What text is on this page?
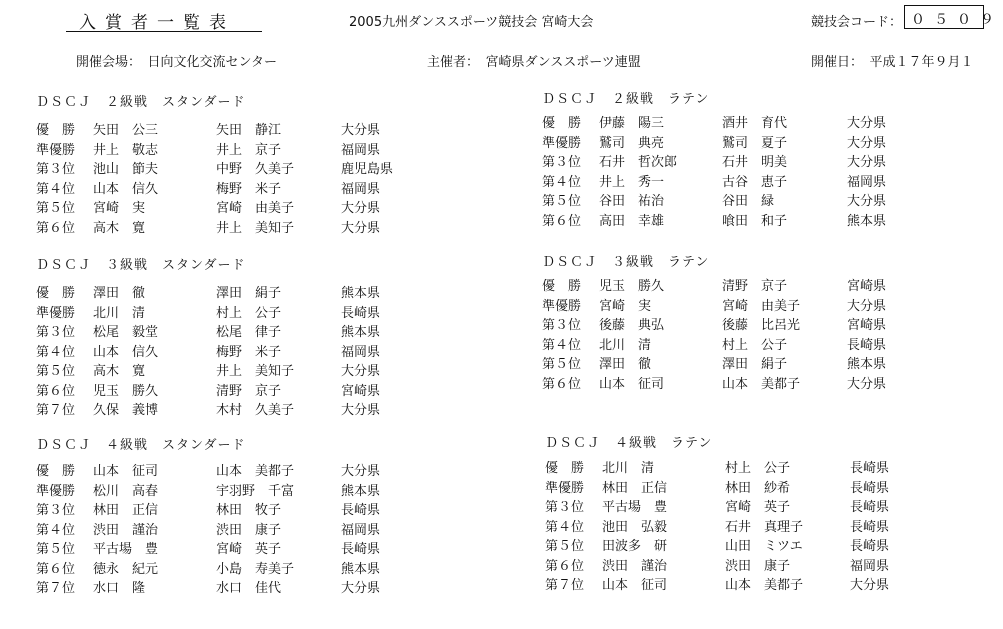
入賞者一覧表	2005九州ダンススポーツ競技会 宮崎大会	競技会コード： ０５０９
開催会場：　日向文化交流センター	主催者：　宮崎県ダンススポーツ連盟	開催日：　平成１７年９月１
ＤＳＣＪ　２級戦　スタンダード
優　勝 矢田　公三	矢田　静江	大分県
準優勝 井上　敬志	井上　京子	福岡県
第３位 池山　節夫	中野　久美子	鹿児島県
第４位 山本　信久	梅野　米子	福岡県
第５位 宮崎　実	宮崎　由美子	大分県
第６位 高木　寛	井上　美知子	大分県
ＤＳＣＪ　３級戦　スタンダード
優　勝 澤田　徹	澤田　絹子	熊本県
準優勝 北川　清	村上　公子	長崎県
第３位 松尾　毅堂	松尾　律子	熊本県
第４位 山本　信久	梅野　米子	福岡県
第５位 高木　寛	井上　美知子	大分県
第６位 児玉　勝久	清野　京子	宮崎県
第７位 久保　義博	木村　久美子	大分県
ＤＳＣＪ　４級戦　スタンダード
優　勝 山本　征司	山本　美都子	大分県
準優勝 松川　高春	宇羽野　千富	熊本県
第３位 林田　正信	林田　牧子	長崎県
第４位 渋田　謹治	渋田　康子	福岡県
第５位 平古場　豊	宮崎　英子	長崎県
第６位 徳永　紀元	小島　寿美子	熊本県
第７位 水口　隆	水口　佳代	大分県
ＤＳＣＪ　２級戦　ラテン
優　勝 伊藤　陽三	酒井　育代	大分県
準優勝 鷲司　典亮	鷲司　夏子	大分県
第３位 石井　哲次郎	石井　明美	大分県
第４位 井上　秀一	古谷　恵子	福岡県
第５位 谷田　祐治	谷田　緑	大分県
第６位 高田　幸雄	喰田　和子	熊本県
ＤＳＣＪ　３級戦　ラテン
優　勝 児玉　勝久	清野　京子	宮崎県
準優勝 宮崎　実	宮崎　由美子	大分県
第３位 後藤　典弘	後藤　比呂光	宮崎県
第４位 北川　清	村上　公子	長崎県
第５位 澤田　徹	澤田　絹子	熊本県
第６位 山本　征司	山本　美都子	大分県
ＤＳＣＪ　４級戦　ラテン
優　勝 北川　清	村上　公子	長崎県
準優勝 林田　正信	林田　紗希	長崎県
第３位 平古場　豊	宮崎　英子	長崎県
第４位 池田　弘毅	石井　真理子	長崎県
第５位 田波多　研	山田　ミツエ	長崎県
第６位 渋田　謹治	渋田　康子	福岡県
第７位 山本　征司	山本　美都子	大分県
